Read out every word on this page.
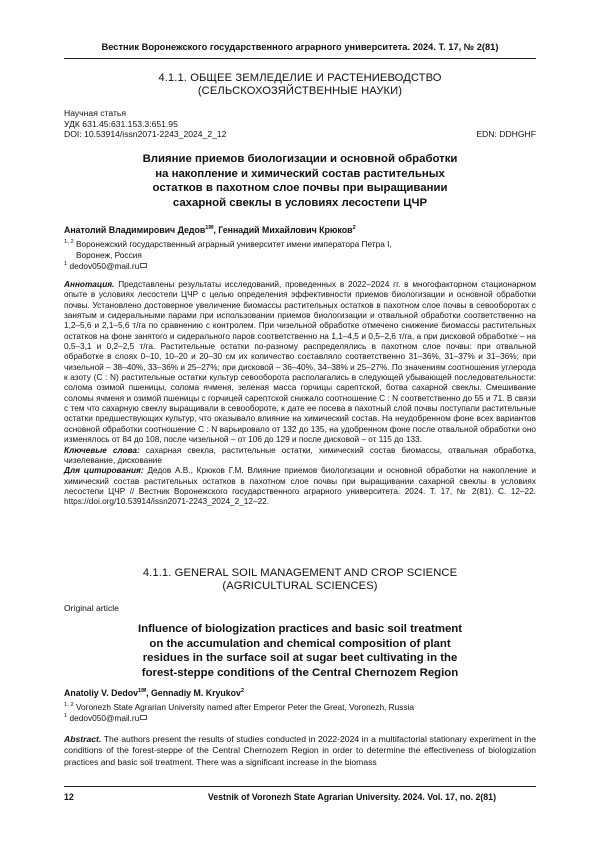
Вестник Воронежского государственного аграрного университета. 2024. Т. 17, № 2(81)
4.1.1. ОБЩЕЕ ЗЕМЛЕДЕЛИЕ И РАСТЕНИЕВОДСТВО
(СЕЛЬСКОХОЗЯЙСТВЕННЫЕ НАУКИ)
Научная статья
УДК 631.45:631.153.3:651.95
DOI: 10.53914/issn2071-2243_2024_2_12	EDN: DDHGHF
Влияние приемов биологизации и основной обработки
на накопление и химический состав растительных
остатков в пахотном слое почвы при выращивании
сахарной свеклы в условиях лесостепи ЦЧР
Анатолий Владимирович Дедов$^{1✉}$, Геннадий Михайлович Крюков$^2$
$^{1, 2}$ Воронежский государственный аграрный университет имени императора Петра I,
Воронеж, Россия
$^1$ dedov050@mail.ru

Аннотация. Представлены результаты исследований, проведенных в 2022–2024 гг. в многофакторном стационарном опыте в условиях лесостепи ЦЧР с целью определения эффективности приемов биологизации и основной обработки почвы. Установлено достоверное увеличение биомассы растительных остатков в пахотном слое почвы в севооборотах с занятым и сидеральными парами при использовании приемов биологизации и отвальной обработки соответственно на 1,2–5,6 и 2,1–5,6 т/га по сравнению с контролем. При чизельной обработке отмечено снижение биомассы растительных остатков на фоне занятого и сидерального паров соответственно на 1,1–4,5 и 0,5–2,6 т/га, а при дисковой обработке – на 0,5–3,1 и 0,2–2,5 т/га. Растительные остатки по-разному распределялись в пахотном слое почвы: при отвальной обработке в слоях 0–10, 10–20 и 20–30 см их количество составляло соответственно 31–36%, 31–37% и 31–36%; при чизельной – 38–40%, 33–36% и 25–27%; при дисковой – 36–40%, 34–38% и 25–27%. По значениям соотношения углерода к азоту (C : N) растительные остатки культур севооборота располагались в следующей убывающей последовательности: солома озимой пшеницы, солома ячменя, зеленая масса горчицы сарептской, ботва сахарной свеклы. Смешивание соломы ячменя и озимой пшеницы с горчицей сарептской снижало соотношение C : N соответственно до 55 и 71. В связи с тем что сахарную свеклу выращивали в севообороте, к дате ее посева в пахотный слой почвы поступали растительные остатки предшествующих культур, что оказывало влияние на химический состав. На неудобренном фоне всех вариантов основной обработки соотношение C : N варьировало от 132 до 135, на удобренном фоне после отвальной обработки оно изменялось от 84 до 108, после чизельной – от 106 до 129 и после дисковой – от 115 до 133.

Ключевые слова: сахарная свекла, растительные остатки, химический состав биомассы, отвальная обработка, чизелевание, дискование

Для цитирования: Дедов А.В., Крюков Г.М. Влияние приемов биологизации и основной обработки на накопление и химический состав растительных остатков в пахотном слое почвы при выращивании сахарной свеклы в условиях лесостепи ЦЧР // Вестник Воронежского государственного аграрного университета. 2024. Т. 17, № 2(81). С. 12–22. https://doi.org/10.53914/issn2071-2243_2024_2_12–22.

4.1.1. GENERAL SOIL MANAGEMENT AND CROP SCIENCE
(AGRICULTURAL SCIENCES)
Original article
Influence of biologization practices and basic soil treatment
on the accumulation and chemical composition of plant
residues in the surface soil at sugar beet cultivating in the
forest-steppe conditions of the Central Chernozem Region
Anatoliy V. Dedov$^{1✉}$, Gennadiy M. Kryukov$^2$
$^{1, 2}$ Voronezh State Agrarian University named after Emperor Peter the Great, Voronezh, Russia
$^1$ dedov050@mail.ru
Abstract. The authors present the results of studies conducted in 2022-2024 in a multifactorial stationary experiment in the conditions of the forest-steppe of the Central Chernozem Region in order to determine the effectiveness of biologization practices and basic soil treatment. There was a significant increase in the biomass
12	Vestnik of Voronezh State Agrarian University. 2024. Vol. 17, no. 2(81)
